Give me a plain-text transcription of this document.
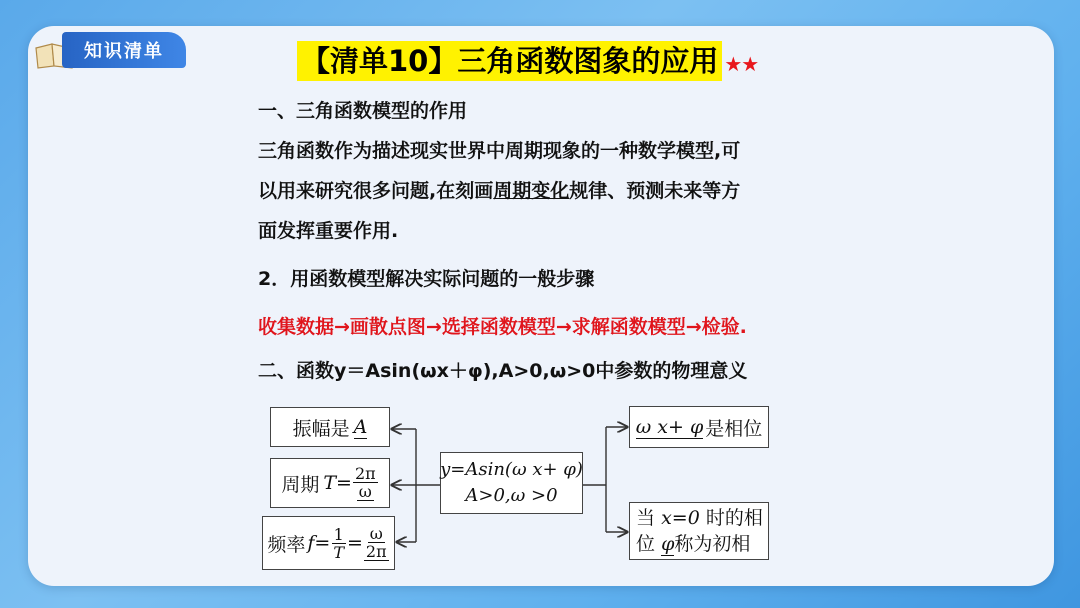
知识清单	【清单10】三角函数图象的应用 ★★
一、三角函数模型的作用
三角函数作为描述现实世界中周期现象的一种数学模型,可
以用来研究很多问题,在刻画周期变化规律、预测未来等方
面发挥重要作用.
2．用函数模型解决实际问题的一般步骤
收集数据→画散点图→选择函数模型→求解函数模型→检验.
二、函数y＝Asin(ωx＋φ),A>0,ω>0中参数的物理意义
振幅是 A
周期 $T= \frac{2\pi}{\omega}$
频率 $f= \frac{1}{T} = \frac{\omega}{2\pi}$
y=Asin(ω x+ φ)
A>0,ω >0
ω x+ φ 是相位
当 x=0 时的相
位 φ称为初相
